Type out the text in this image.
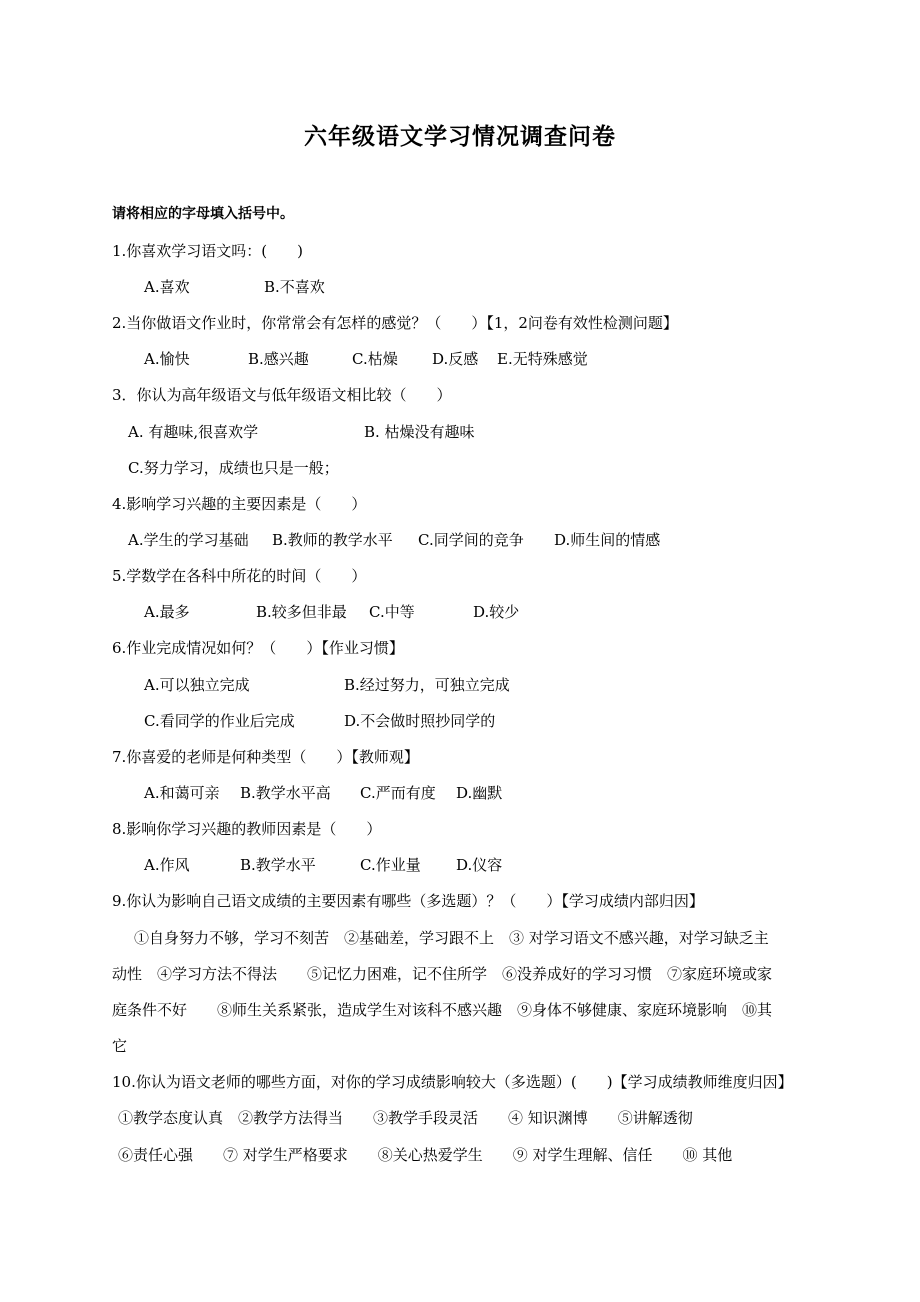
六年级语文学习情况调查问卷
请将相应的字母填入括号中。
1.你喜欢学习语文吗：(　　)
A.喜欢	B.不喜欢
2.当你做语文作业时，你常常会有怎样的感觉？（　　）【1，2问卷有效性检测问题】
A.愉快	B.感兴趣	C.枯燥 D.反感 E.无特殊感觉
3．你认为高年级语文与低年级语文相比较（　　）
A. 有趣味,很喜欢学	B. 枯燥没有趣味
C.努力学习，成绩也只是一般；
4.影响学习兴趣的主要因素是（　　）
A.学生的学习基础 B.教师的教学水平 C.同学间的竞争 D.师生间的情感
5.学数学在各科中所花的时间（　　）
A.最多	B.较多但非最 C.中等	D.较少
6.作业完成情况如何？（　　）【作业习惯】
A.可以独立完成	B.经过努力，可独立完成
C.看同学的作业后完成	D.不会做时照抄同学的
7.你喜爱的老师是何种类型（　　）【教师观】
A.和蔼可亲 B.教学水平高 C.严而有度 D.幽默
8.影响你学习兴趣的教师因素是（　　）
A.作风	B.教学水平	C.作业量 D.仪容
9.你认为影响自己语文成绩的主要因素有哪些（多选题）？（　　）【学习成绩内部归因】
①自身努力不够，学习不刻苦　②基础差，学习跟不上　③ 对学习语文不感兴趣，对学习缺乏主
动性　④学习方法不得法　　⑤记忆力困难，记不住所学　⑥没养成好的学习习惯　⑦家庭环境或家
庭条件不好　　⑧师生关系紧张，造成学生对该科不感兴趣　⑨身体不够健康、家庭环境影响　⑩其
它
10.你认为语文老师的哪些方面，对你的学习成绩影响较大（多选题）(　　)【学习成绩教师维度归因】
①教学态度认真　②教学方法得当　　③教学手段灵活　　④ 知识渊博　　⑤讲解透彻
⑥责任心强　　⑦ 对学生严格要求　　⑧关心热爱学生　　⑨ 对学生理解、信任　　⑩ 其他
